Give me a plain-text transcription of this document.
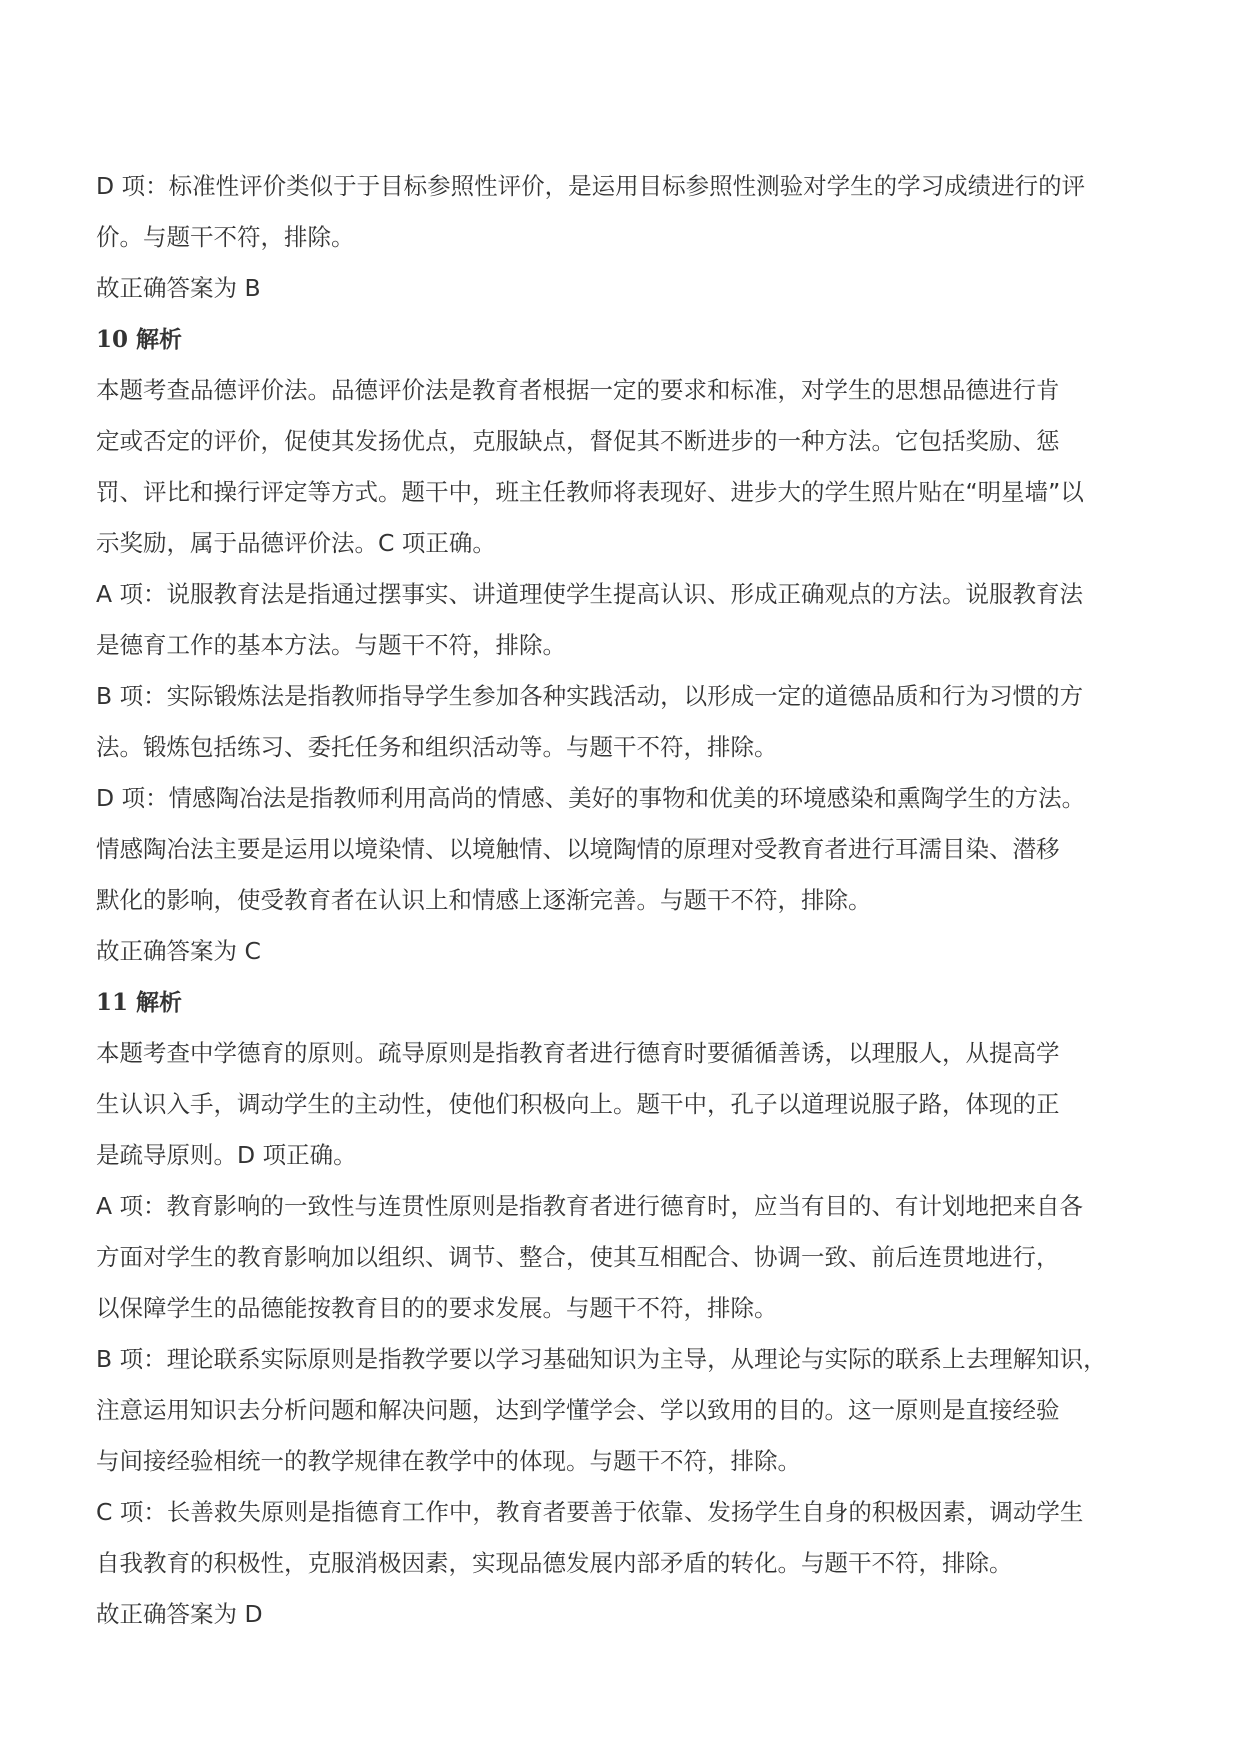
D 项：标准性评价类似于于目标参照性评价，是运用目标参照性测验对学生的学习成绩进行的评
价。与题干不符，排除。

故正确答案为 B

10 解析

本题考查品德评价法。品德评价法是教育者根据一定的要求和标准，对学生的思想品德进行肯
定或否定的评价，促使其发扬优点，克服缺点，督促其不断进步的一种方法。它包括奖励、惩
罚、评比和操行评定等方式。题干中，班主任教师将表现好、进步大的学生照片贴在“明星墙”以
示奖励，属于品德评价法。C 项正确。

A 项：说服教育法是指通过摆事实、讲道理使学生提高认识、形成正确观点的方法。说服教育法
是德育工作的基本方法。与题干不符，排除。

B 项：实际锻炼法是指教师指导学生参加各种实践活动，以形成一定的道德品质和行为习惯的方
法。锻炼包括练习、委托任务和组织活动等。与题干不符，排除。

D 项：情感陶冶法是指教师利用高尚的情感、美好的事物和优美的环境感染和熏陶学生的方法。
情感陶冶法主要是运用以境染情、以境触情、以境陶情的原理对受教育者进行耳濡目染、潜移
默化的影响，使受教育者在认识上和情感上逐渐完善。与题干不符，排除。

故正确答案为 C

11 解析

本题考查中学德育的原则。疏导原则是指教育者进行德育时要循循善诱，以理服人，从提高学
生认识入手，调动学生的主动性，使他们积极向上。题干中，孔子以道理说服子路，体现的正
是疏导原则。D 项正确。

A 项：教育影响的一致性与连贯性原则是指教育者进行德育时，应当有目的、有计划地把来自各
方面对学生的教育影响加以组织、调节、整合，使其互相配合、协调一致、前后连贯地进行，
以保障学生的品德能按教育目的的要求发展。与题干不符，排除。

B 项：理论联系实际原则是指教学要以学习基础知识为主导，从理论与实际的联系上去理解知识，
注意运用知识去分析问题和解决问题，达到学懂学会、学以致用的目的。这一原则是直接经验
与间接经验相统一的教学规律在教学中的体现。与题干不符，排除。

C 项：长善救失原则是指德育工作中，教育者要善于依靠、发扬学生自身的积极因素，调动学生
自我教育的积极性，克服消极因素，实现品德发展内部矛盾的转化。与题干不符，排除。

故正确答案为 D
